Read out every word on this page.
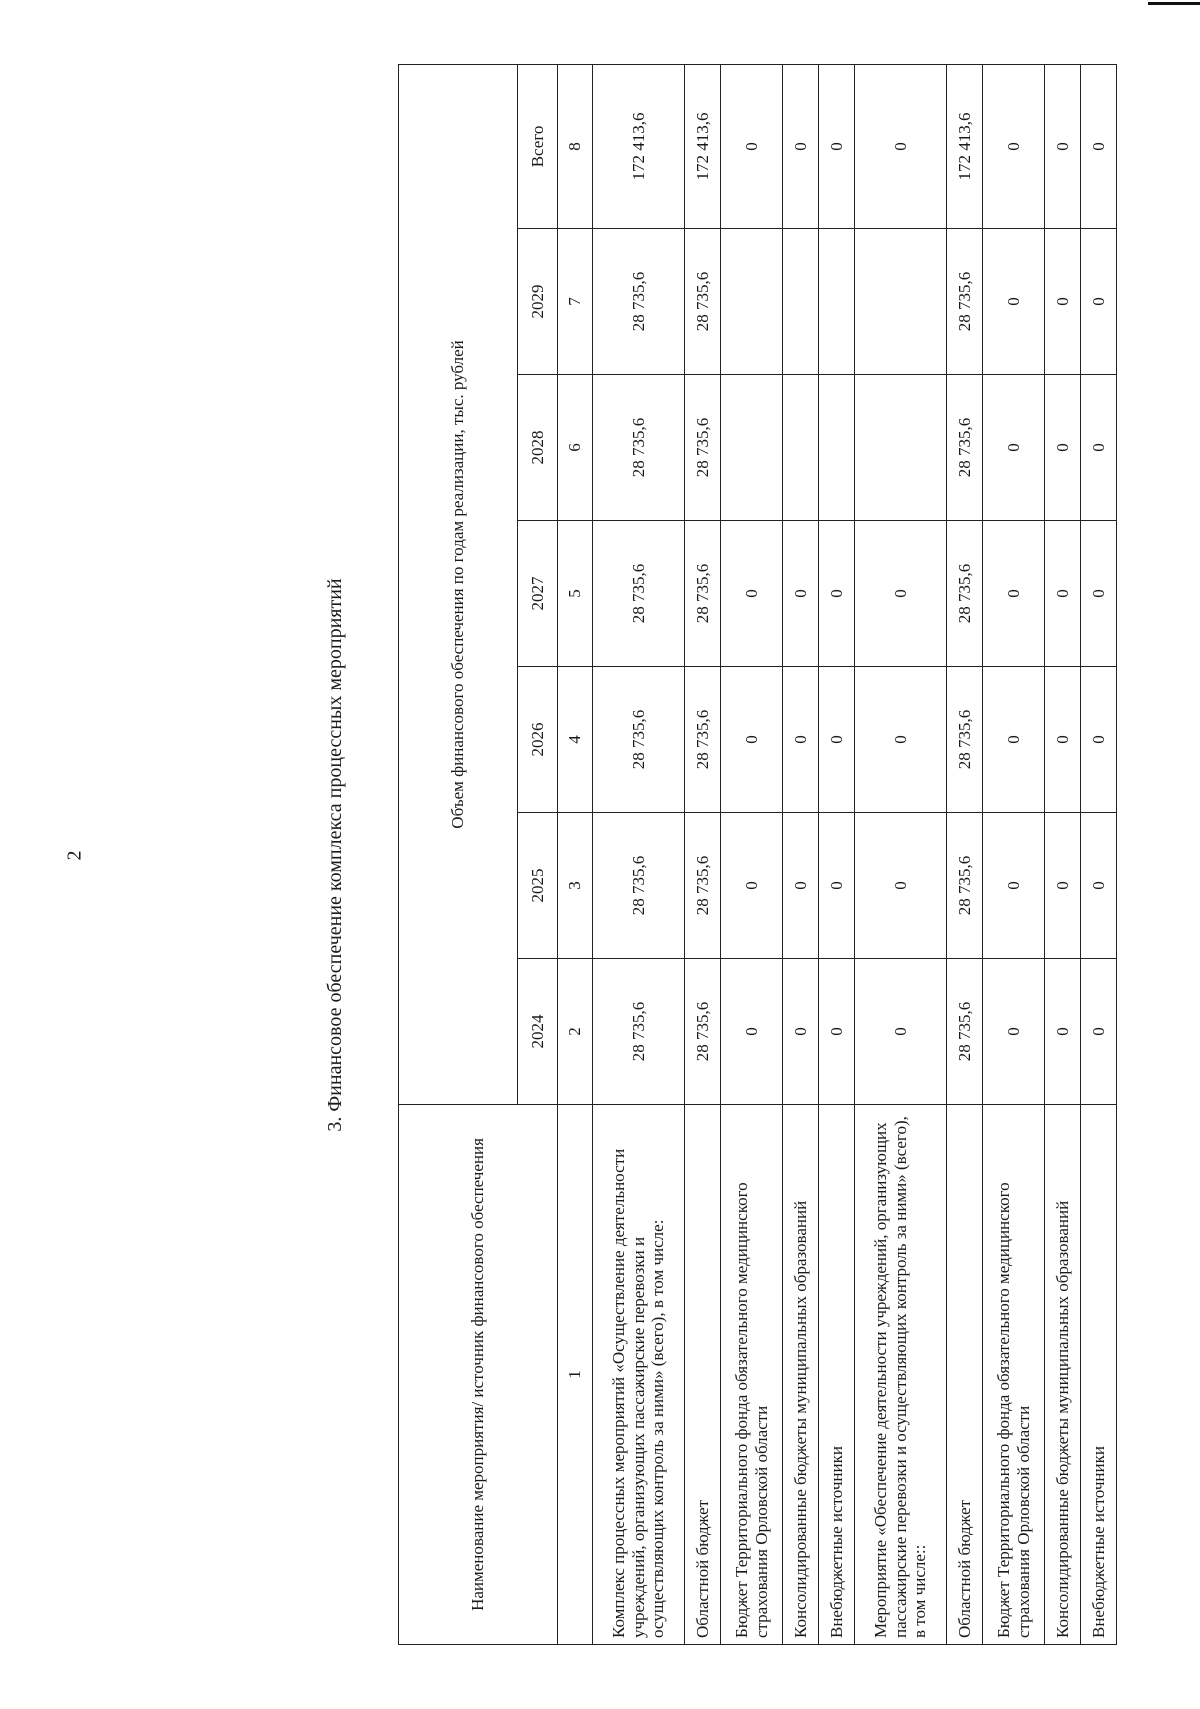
2	3. Финансовое обеспечение комплекса процессных мероприятий
Наименование мероприятия/ источник финансового обеспечения	Объем финансового обеспечения по годам реализации, тыс. рублей						
	2024	2025	2026	2027	2028	2029	Всего
1	2	3	4	5	6	7	8
Комплекс процессных мероприятий «Осуществление деятельности учреждений, организующих пассажирские перевозки и осуществляющих контроль за ними» (всего), в том числе:	28 735,6	28 735,6	28 735,6	28 735,6	28 735,6	28 735,6	172 413,6
Областной бюджет	28 735,6	28 735,6	28 735,6	28 735,6	28 735,6	28 735,6	172 413,6
Бюджет Территориального фонда обязательного медицинского страхования Орловской области	0	0	0	0			0
Консолидированные бюджеты муниципальных образований	0	0	0	0			0
Внебюджетные источники	0	0	0	0			0
Мероприятие «Обеспечение деятельности учреждений, организующих пассажирские перевозки и осуществляющих контроль за ними» (всего), в том числе::	0	0	0	0			0
Областной бюджет	28 735,6	28 735,6	28 735,6	28 735,6	28 735,6	28 735,6	172 413,6
Бюджет Территориального фонда обязательного медицинского страхования Орловской области	0	0	0	0	0	0	0
Консолидированные бюджеты муниципальных образований	0	0	0	0	0	0	0
Внебюджетные источники	0	0	0	0	0	0	0
